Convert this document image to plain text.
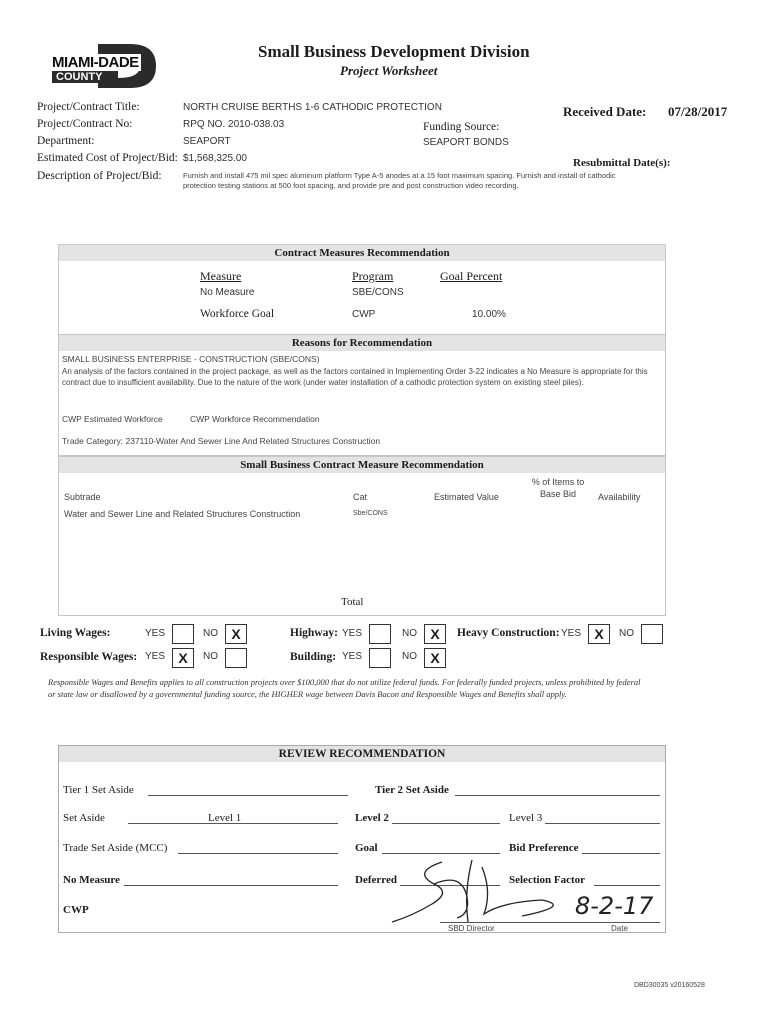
MIAMI-DADE
COUNTY
Small Business Development Division
Project Worksheet
Project/Contract Title:	NORTH CRUISE BERTHS 1-6 CATHODIC PROTECTION
Project/Contract No:	RPQ NO. 2010-038.03
Department:	SEAPORT
Estimated Cost of Project/Bid: $1,568,325.00
Description of Project/Bid:	Furnish and install 475 mil spec aluminum platform Type A-5 anodes at a 15 foot maximum spacing. Furnish and install of cathodic protection testing stations at 500 foot spacing, and provide pre and post construction video recording.
Received Date: 07/28/2017
Funding Source:
SEAPORT BONDS
Resubmittal Date(s):
Contract Measures Recommendation
Measure	Program	Goal Percent
No Measure	SBE/CONS
Workforce Goal	CWP	10.00%
Reasons for Recommendation
SMALL BUSINESS ENTERPRISE - CONSTRUCTION (SBE/CONS)
An analysis of the factors contained in the project package, as well as the factors contained in Implementing Order 3-22 indicates a No Measure is appropriate for this contract due to insufficient availability. Due to the nature of the work (under water installation of a cathodic protection system on existing steel piles).
CWP Estimated Workforce	CWP Workforce Recommendation
Trade Category: 237110-Water And Sewer Line And Related Structures Construction
Small Business Contract Measure Recommendation
Subtrade	Cat	Estimated Value
% of Items to Base Bid	Availability
Water and Sewer Line and Related Structures Construction	Sbe/CONS
Total
Living Wages:	YES	NO X
Responsible Wages: YES X	NO
Highway: YES	NO X
Building: YES	NO X
Heavy Construction: YES X	NO
Responsible Wages and Benefits applies to all construction projects over $100,000 that do not utilize federal funds. For federally funded projects, unless prohibited by federal or state law or disallowed by a governmental funding source, the HIGHER wage between Davis Bacon and Responsible Wages and Benefits shall apply.
REVIEW RECOMMENDATION
Tier 1 Set Aside	Tier 2 Set Aside
Set Aside	Level 1	Level 2	Level 3
Trade Set Aside (MCC)	Goal	Bid Preference
No Measure	Deferred	Selection Factor
CWP	8-2-17
SBD Director	Date
DBD30035 v20160528
